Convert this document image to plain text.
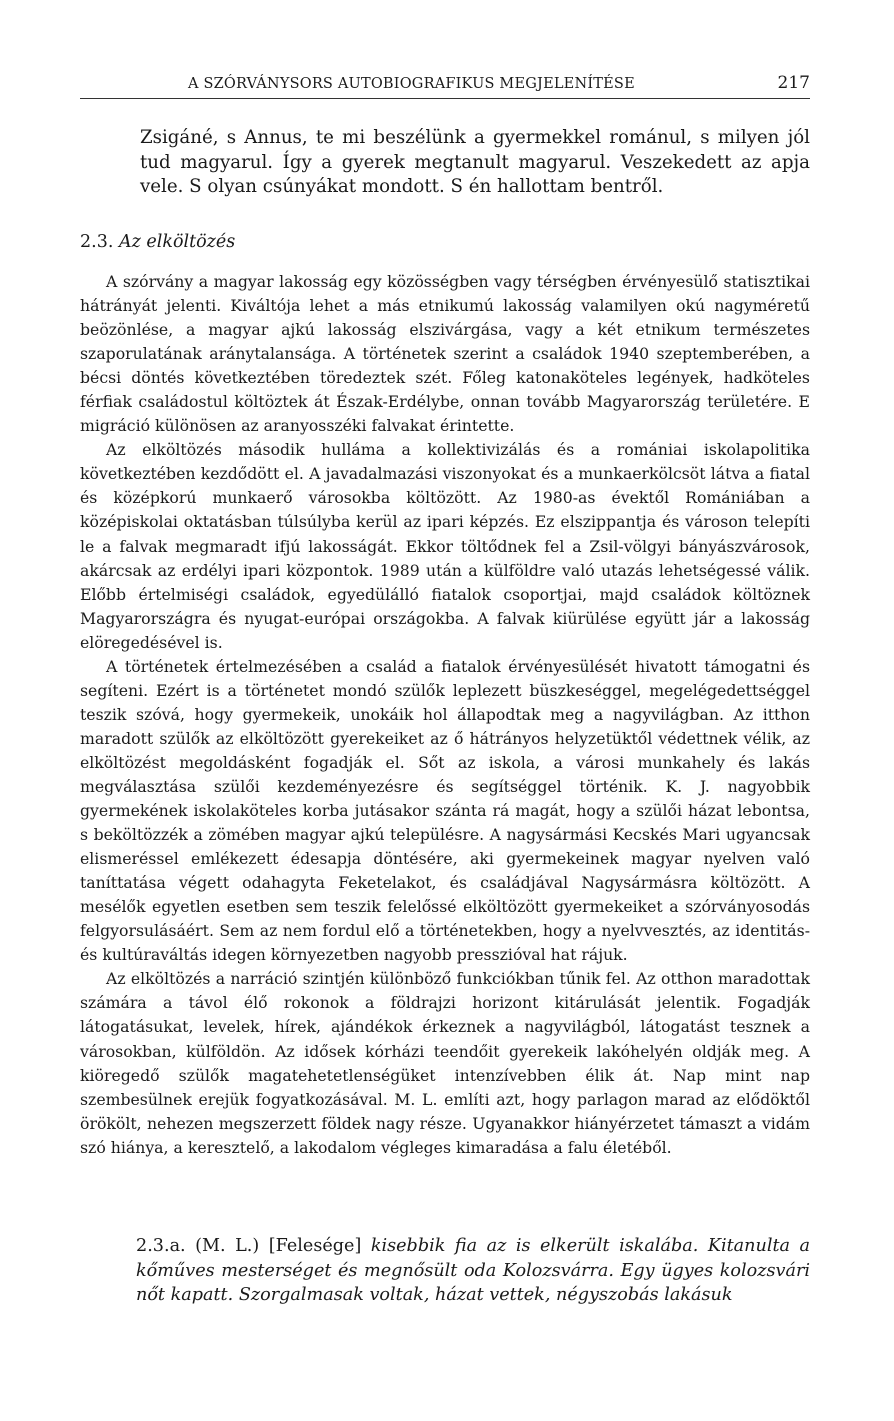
A SZÓRVÁNYSORS AUTOBIOGRAFIKUS MEGJELENÍTÉSE	217
Zsigáné, s Annus, te mi beszélünk a gyermekkel románul, s milyen jól tud magyarul. Így a gyerek megtanult magyarul. Veszekedett az apja vele. S olyan csúnyákat mondott. S én hallottam bentről.
2.3. Az elköltözés

A szórvány a magyar lakosság egy közösségben vagy térségben érvényesülő statisztikai hátrányát jelenti. Kiváltója lehet a más etnikumú lakosság valamilyen okú nagyméretű beözönlése, a magyar ajkú lakosság elszivárgása, vagy a két etnikum természetes szaporulatának aránytalansága. A történetek szerint a családok 1940 szeptemberében, a bécsi döntés következtében töredeztek szét. Főleg katonaköteles legények, hadköteles férfiak családostul költöztek át Észak-Erdélybe, onnan tovább Magyarország területére. E migráció különösen az aranyosszéki falvakat érintette.

Az elköltözés második hulláma a kollektivizálás és a romániai iskolapolitika következtében kezdődött el. A javadalmazási viszonyokat és a munkaerkölcsöt látva a fiatal és középkorú munkaerő városokba költözött. Az 1980-as évektől Romániában a középiskolai oktatásban túlsúlyba kerül az ipari képzés. Ez elszippantja és városon telepíti le a falvak megmaradt ifjú lakosságát. Ekkor töltődnek fel a Zsil-völgyi bányászvárosok, akárcsak az erdélyi ipari központok. 1989 után a külföldre való utazás lehetségessé válik. Előbb értelmiségi családok, egyedülálló fiatalok csoportjai, majd családok költöznek Magyarországra és nyugat-európai országokba. A falvak kiürülése együtt jár a lakosság elöregedésével is.

A történetek értelmezésében a család a fiatalok érvényesülését hivatott támogatni és segíteni. Ezért is a történetet mondó szülők leplezett büszkeséggel, megelégedettséggel teszik szóvá, hogy gyermekeik, unokáik hol állapodtak meg a nagyvilágban. Az itthon maradott szülők az elköltözött gyerekeiket az ő hátrányos helyzetüktől védettnek vélik, az elköltözést megoldásként fogadják el. Sőt az iskola, a városi munkahely és lakás megválasztása szülői kezdeményezésre és segítséggel történik. K. J. nagyobbik gyermekének iskolaköteles korba jutásakor szánta rá magát, hogy a szülői házat lebontsa, s beköltözzék a zömében magyar ajkú településre. A nagysármási Kecskés Mari ugyancsak elismeréssel emlékezett édesapja döntésére, aki gyermekeinek magyar nyelven való taníttatása végett odahagyta Feketelakot, és családjával Nagysármásra költözött. A mesélők egyetlen esetben sem teszik felelőssé elköltözött gyermekeiket a szórványosodás felgyorsulásáért. Sem az nem fordul elő a történetekben, hogy a nyelvvesztés, az identitás- és kultúraváltás idegen környezetben nagyobb presszióval hat rájuk.

Az elköltözés a narráció szintjén különböző funkciókban tűnik fel. Az otthon maradottak számára a távol élő rokonok a földrajzi horizont kitárulását jelentik. Fogadják látogatásukat, levelek, hírek, ajándékok érkeznek a nagyvilágból, látogatást tesznek a városokban, külföldön. Az idősek kórházi teendőit gyerekeik lakóhelyén oldják meg. A kiöregedő szülők magatehetetlenségüket intenzívebben élik át. Nap mint nap szembesülnek erejük fogyatkozásával. M. L. említi azt, hogy parlagon marad az elődöktől örökölt, nehezen megszerzett földek nagy része. Ugyanakkor hiányérzetet támaszt a vidám szó hiánya, a keresztelő, a lakodalom végleges kimaradása a falu életéből.

2.3.a. (M. L.) [Felesége] kisebbik fia az is elkerült iskalába. Kitanulta a kőműves mesterséget és megnősült oda Kolozsvárra. Egy ügyes kolozsvári nőt kapatt. Szorgalmasak voltak, házat vettek, négyszobás lakásuk
